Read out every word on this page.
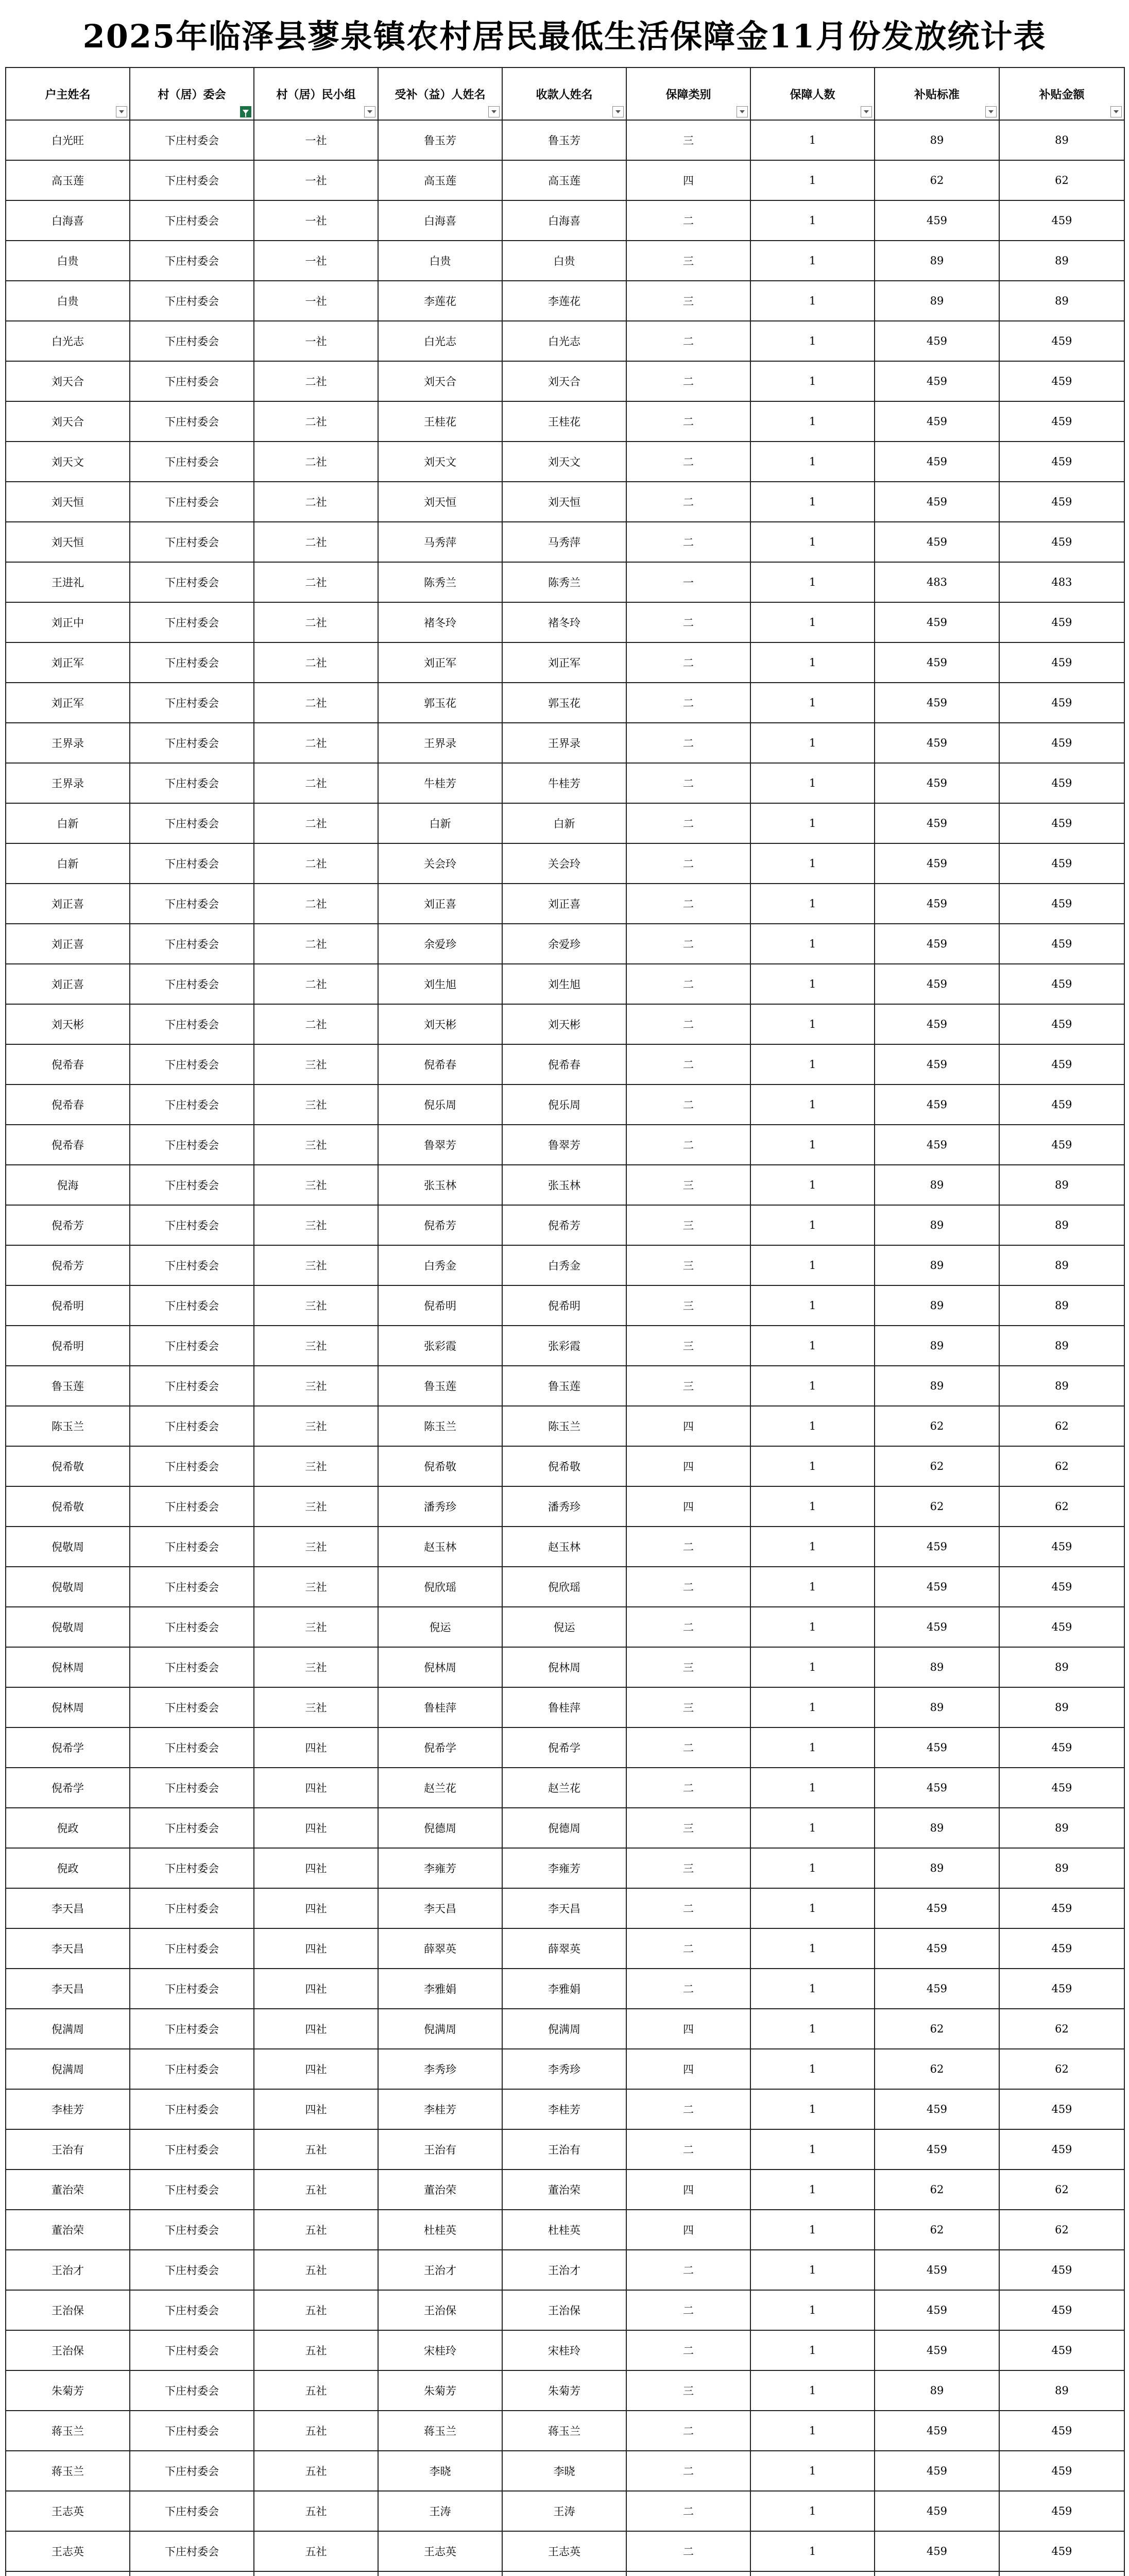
2025年临泽县蓼泉镇农村居民最低生活保障金11月份发放统计表
户主姓名	村（居）委会	村（居）民小组	受补（益）人姓名	收款人姓名	保障类别	保障人数	补贴标准	补贴金额

白光旺	下庄村委会	一社	鲁玉芳	鲁玉芳	三	1	89	89
高玉莲	下庄村委会	一社	高玉莲	高玉莲	四	1	62	62
白海喜	下庄村委会	一社	白海喜	白海喜	二	1	459	459
白贵	下庄村委会	一社	白贵	白贵	三	1	89	89
白贵	下庄村委会	一社	李莲花	李莲花	三	1	89	89
白光志	下庄村委会	一社	白光志	白光志	二	1	459	459
刘天合	下庄村委会	二社	刘天合	刘天合	二	1	459	459
刘天合	下庄村委会	二社	王桂花	王桂花	二	1	459	459
刘天文	下庄村委会	二社	刘天文	刘天文	二	1	459	459
刘天恒	下庄村委会	二社	刘天恒	刘天恒	二	1	459	459
刘天恒	下庄村委会	二社	马秀萍	马秀萍	二	1	459	459
王进礼	下庄村委会	二社	陈秀兰	陈秀兰	一	1	483	483
刘正中	下庄村委会	二社	褚冬玲	褚冬玲	二	1	459	459
刘正军	下庄村委会	二社	刘正军	刘正军	二	1	459	459
刘正军	下庄村委会	二社	郭玉花	郭玉花	二	1	459	459
王界录	下庄村委会	二社	王界录	王界录	二	1	459	459
王界录	下庄村委会	二社	牛桂芳	牛桂芳	二	1	459	459
白新	下庄村委会	二社	白新	白新	二	1	459	459
白新	下庄村委会	二社	关会玲	关会玲	二	1	459	459
刘正喜	下庄村委会	二社	刘正喜	刘正喜	二	1	459	459
刘正喜	下庄村委会	二社	余爱珍	余爱珍	二	1	459	459
刘正喜	下庄村委会	二社	刘生旭	刘生旭	二	1	459	459
刘天彬	下庄村委会	二社	刘天彬	刘天彬	二	1	459	459
倪希春	下庄村委会	三社	倪希春	倪希春	二	1	459	459
倪希春	下庄村委会	三社	倪乐周	倪乐周	二	1	459	459
倪希春	下庄村委会	三社	鲁翠芳	鲁翠芳	二	1	459	459
倪海	下庄村委会	三社	张玉林	张玉林	三	1	89	89
倪希芳	下庄村委会	三社	倪希芳	倪希芳	三	1	89	89
倪希芳	下庄村委会	三社	白秀金	白秀金	三	1	89	89
倪希明	下庄村委会	三社	倪希明	倪希明	三	1	89	89
倪希明	下庄村委会	三社	张彩霞	张彩霞	三	1	89	89
鲁玉莲	下庄村委会	三社	鲁玉莲	鲁玉莲	三	1	89	89
陈玉兰	下庄村委会	三社	陈玉兰	陈玉兰	四	1	62	62
倪希敬	下庄村委会	三社	倪希敬	倪希敬	四	1	62	62
倪希敬	下庄村委会	三社	潘秀珍	潘秀珍	四	1	62	62
倪敬周	下庄村委会	三社	赵玉林	赵玉林	二	1	459	459
倪敬周	下庄村委会	三社	倪欣瑶	倪欣瑶	二	1	459	459
倪敬周	下庄村委会	三社	倪运	倪运	二	1	459	459
倪林周	下庄村委会	三社	倪林周	倪林周	三	1	89	89
倪林周	下庄村委会	三社	鲁桂萍	鲁桂萍	三	1	89	89
倪希学	下庄村委会	四社	倪希学	倪希学	二	1	459	459
倪希学	下庄村委会	四社	赵兰花	赵兰花	二	1	459	459
倪政	下庄村委会	四社	倪德周	倪德周	三	1	89	89
倪政	下庄村委会	四社	李雍芳	李雍芳	三	1	89	89
李天昌	下庄村委会	四社	李天昌	李天昌	二	1	459	459
李天昌	下庄村委会	四社	薛翠英	薛翠英	二	1	459	459
李天昌	下庄村委会	四社	李雅娟	李雅娟	二	1	459	459
倪满周	下庄村委会	四社	倪满周	倪满周	四	1	62	62
倪满周	下庄村委会	四社	李秀珍	李秀珍	四	1	62	62
李桂芳	下庄村委会	四社	李桂芳	李桂芳	二	1	459	459
王治有	下庄村委会	五社	王治有	王治有	二	1	459	459
董治荣	下庄村委会	五社	董治荣	董治荣	四	1	62	62
董治荣	下庄村委会	五社	杜桂英	杜桂英	四	1	62	62
王治才	下庄村委会	五社	王治才	王治才	二	1	459	459
王治保	下庄村委会	五社	王治保	王治保	二	1	459	459
王治保	下庄村委会	五社	宋桂玲	宋桂玲	二	1	459	459
朱菊芳	下庄村委会	五社	朱菊芳	朱菊芳	三	1	89	89
蒋玉兰	下庄村委会	五社	蒋玉兰	蒋玉兰	二	1	459	459
蒋玉兰	下庄村委会	五社	李晓	李晓	二	1	459	459
王志英	下庄村委会	五社	王涛	王涛	二	1	459	459
王志英	下庄村委会	五社	王志英	王志英	二	1	459	459
